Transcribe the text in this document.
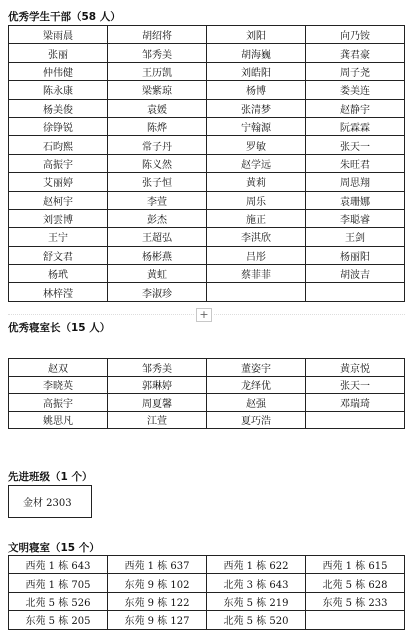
优秀学生干部（58 人）
梁雨晨	胡绍将	刘阳	向乃铵
张丽	邹秀美	胡海巍	龚君豪
仲伟健	王历凯	刘皓阳	周子尧
陈永康	梁紫琼	杨博	娄美连
杨美俊	袁媛	张清梦	赵静宇
徐铮锐	陈烨	宁翰源	阮霖霖
石昀熙	常子丹	罗敏	张天一
高振宇	陈义然	赵学远	朱旺君
艾丽婷	张子恒	黄莉	周思翔
赵柯宇	李萱	周乐	袁珊娜
刘雲博	彭杰	施正	李聪睿
王宁	王超弘	李淇欣	王剑
舒文君	杨彬燕	吕彤	杨丽阳
杨玳	黄虹	蔡菲菲	胡波吉
林梓滢	李淑珍		
+
优秀寝室长（15 人）
赵双	邹秀美	董姿宇	黄京悦
李晓英	郭琳婷	龙绎优	张天一
高振宇	周夏馨	赵强	邓瑞琦
姚思凡	江萱	夏巧浩	
先进班级（1 个）
金材 2303
文明寝室（15 个）
西苑 1 栋 643	西苑 1 栋 637	西苑 1 栋 622	西苑 1 栋 615
西苑 1 栋 705	东苑 9 栋 102	北苑 3 栋 643	北苑 5 栋 628
北苑 5 栋 526	东苑 9 栋 122	东苑 5 栋 219	东苑 5 栋 233
东苑 5 栋 205	东苑 9 栋 127	北苑 5 栋 520	
